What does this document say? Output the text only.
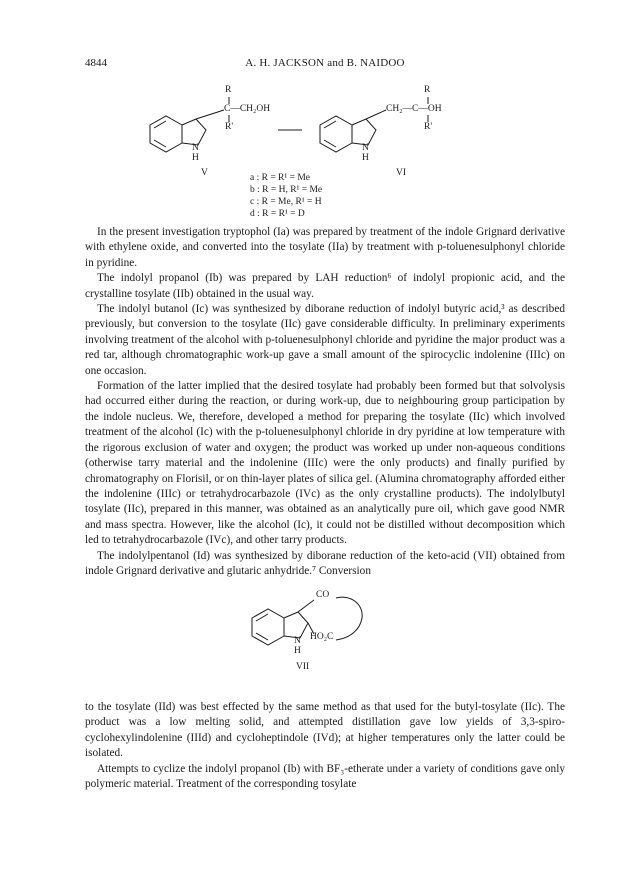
4844	A. H. JACKSON and B. NAIDOO
R
C—CH₂OH
R'
N
H
R
CH₂—C—OH
R'
N
H
V	VI
a : R = R¹ = Me
b : R = H, R¹ = Me
c : R = Me, R¹ = H
d : R = R¹ = D

In the present investigation tryptophol (Ia) was prepared by treatment of the indole Grignard derivative with ethylene oxide, and converted into the tosylate (IIa) by treatment with p-toluenesulphonyl chloride in pyridine.

The indolyl propanol (Ib) was prepared by LAH reduction⁶ of indolyl propionic acid, and the crystalline tosylate (IIb) obtained in the usual way.

The indolyl butanol (Ic) was synthesized by diborane reduction of indolyl butyric acid,³ as described previously, but conversion to the tosylate (IIc) gave considerable difficulty. In preliminary experiments involving treatment of the alcohol with p-toluenesulphonyl chloride and pyridine the major product was a red tar, although chromatographic work-up gave a small amount of the spirocyclic indolenine (IIIc) on one occasion.

Formation of the latter implied that the desired tosylate had probably been formed but that solvolysis had occurred either during the reaction, or during work-up, due to neighbouring group participation by the indole nucleus. We, therefore, developed a method for preparing the tosylate (IIc) which involved treatment of the alcohol (Ic) with the p-toluenesulphonyl chloride in dry pyridine at low temperature with the rigorous exclusion of water and oxygen; the product was worked up under non-aqueous conditions (otherwise tarry material and the indolenine (IIIc) were the only products) and finally purified by chromatography on Florisil, or on thin-layer plates of silica gel. (Alumina chromatography afforded either the indolenine (IIIc) or tetrahydrocarbazole (IVc) as the only crystalline products). The indolylbutyl tosylate (IIc), prepared in this manner, was obtained as an analytically pure oil, which gave good NMR and mass spectra. However, like the alcohol (Ic), it could not be distilled without decomposition which led to tetrahydrocarbazole (IVc), and other tarry products.

The indolylpentanol (Id) was synthesized by diborane reduction of the keto-acid (VII) obtained from indole Grignard derivative and glutaric anhydride.⁷ Conversion

CO
HO₂C
N
H
VII

to the tosylate (IId) was best effected by the same method as that used for the butyl-tosylate (IIc). The product was a low melting solid, and attempted distillation gave low yields of 3,3-spiro-cyclohexylindolenine (IIId) and cycloheptindole (IVd); at higher temperatures only the latter could be isolated.

Attempts to cyclize the indolyl propanol (Ib) with BF₃-etherate under a variety of conditions gave only polymeric material. Treatment of the corresponding tosylate
